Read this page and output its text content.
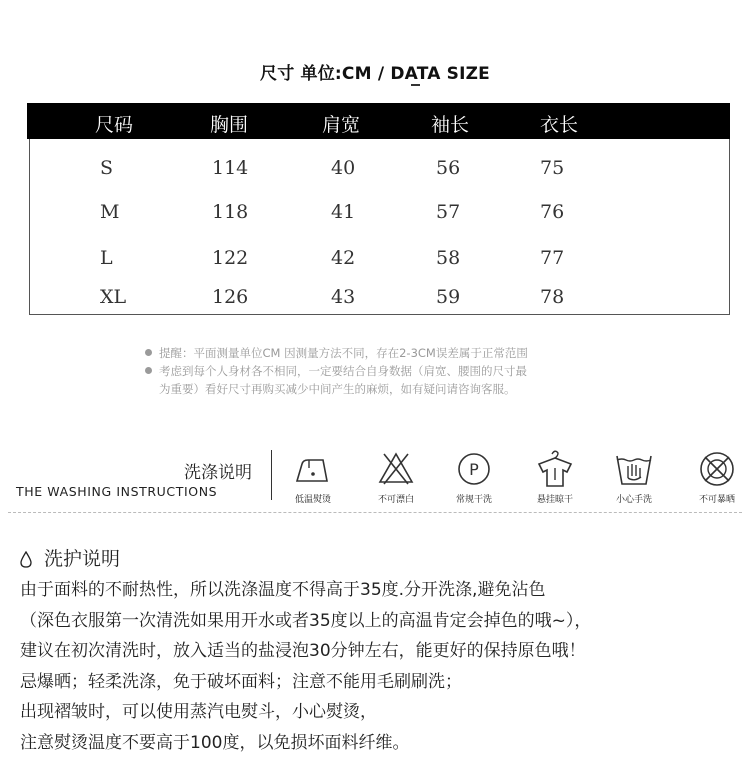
尺寸 单位:CM / DATA SIZE
尺码	胸围	肩宽	袖长	衣长
S	114	40	56	75
M	118	41	57	76
L	122	42	58	77
XL	126	43	59	78
提醒：平面测量单位CM 因测量方法不同，存在2-3CM误差属于正常范围
考虑到每个人身材各不相同，一定要结合自身数据（肩宽、腰围的尺寸最
为重要）看好尺寸再购买减少中间产生的麻烦，如有疑问请咨询客服。
洗涤说明
THE WASHING INSTRUCTIONS
低温熨烫	不可漂白
P
常规干洗	悬挂晾干	小心手洗	不可暴晒
洗护说明
由于面料的不耐热性，所以洗涤温度不得高于35度.分开洗涤,避免沾色
（深色衣服第一次清洗如果用开水或者35度以上的高温肯定会掉色的哦~），
建议在初次清洗时，放入适当的盐浸泡30分钟左右，能更好的保持原色哦！
忌爆晒；轻柔洗涤，免于破坏面料；注意不能用毛刷刷洗；
出现褶皱时，可以使用蒸汽电熨斗，小心熨烫，
注意熨烫温度不要高于100度，以免损坏面料纤维。
